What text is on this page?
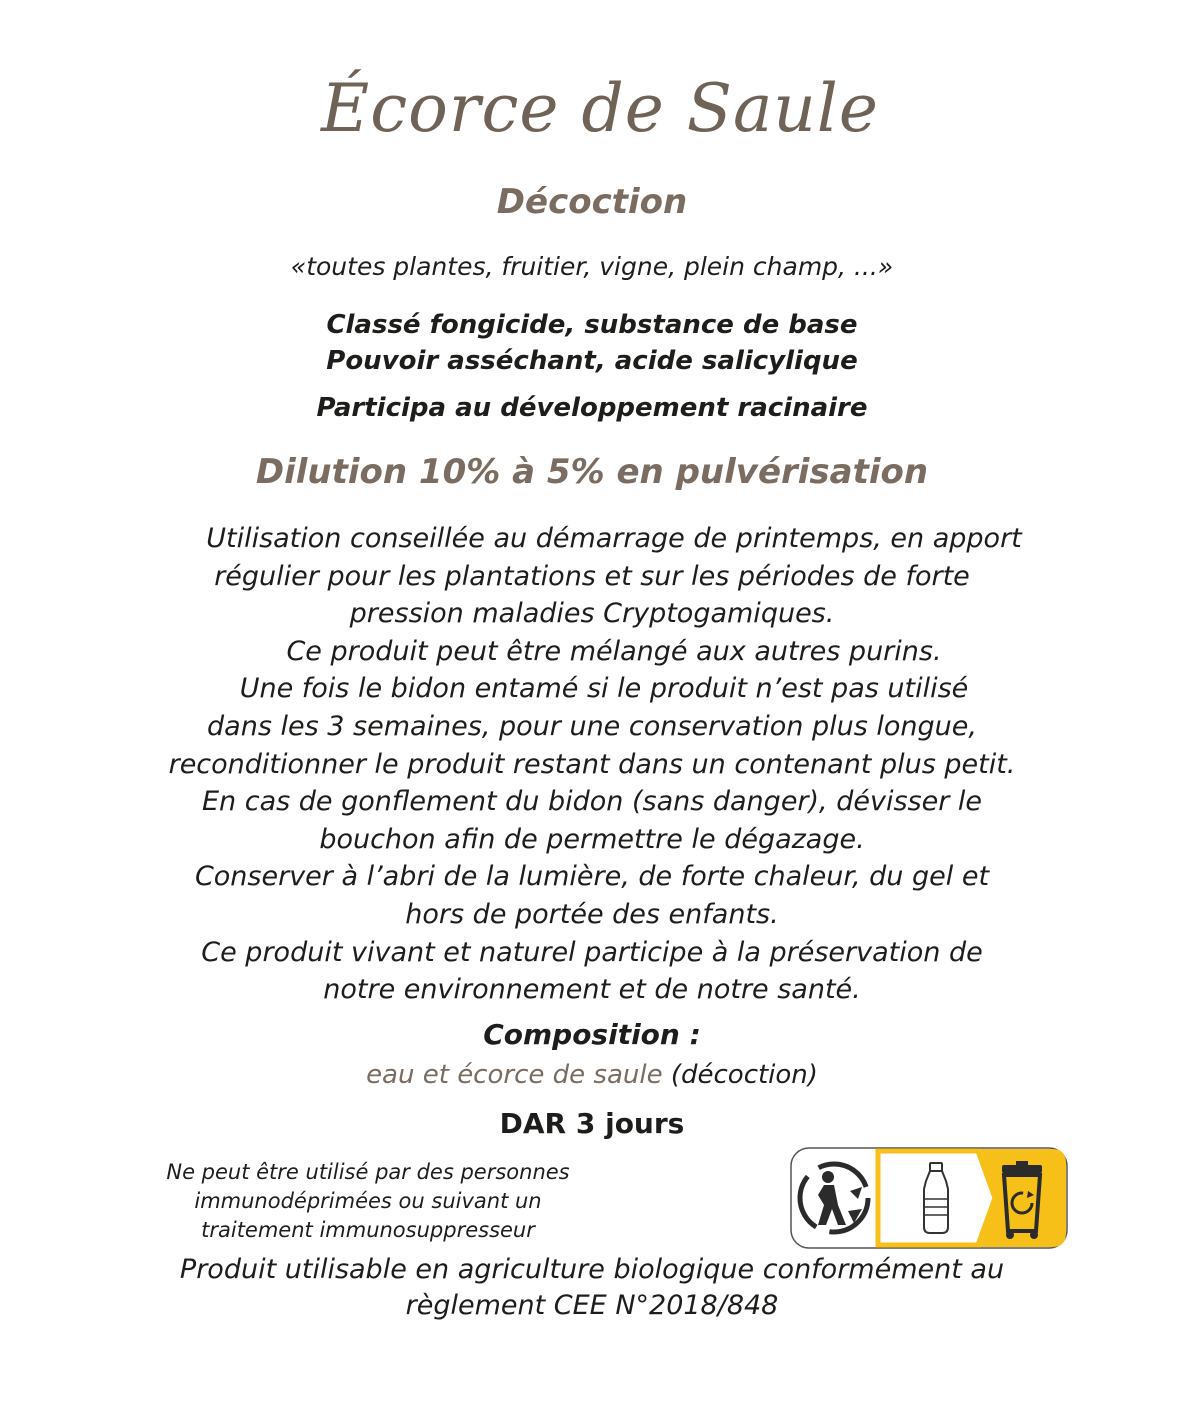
Écorce de Saule
Décoction
«toutes plantes, fruitier, vigne, plein champ, ...»
Classé fongicide, substance de base
Pouvoir asséchant, acide salicylique
Participa au développement racinaire
Dilution 10% à 5% en pulvérisation
Utilisation conseillée au démarrage de printemps, en apport
régulier pour les plantations et sur les périodes de forte
pression maladies Cryptogamiques.
Ce produit peut être mélangé aux autres purins.
Une fois le bidon entamé si le produit n’est pas utilisé
dans les 3 semaines, pour une conservation plus longue,
reconditionner le produit restant dans un contenant plus petit.
En cas de gonflement du bidon (sans danger), dévisser le
bouchon afin de permettre le dégazage.
Conserver à l’abri de la lumière, de forte chaleur, du gel et
hors de portée des enfants.
Ce produit vivant et naturel participe à la préservation de
notre environnement et de notre santé.
Composition :
eau et écorce de saule (décoction)
DAR 3 jours
Ne peut être utilisé par des personnes
immunodéprimées ou suivant un
traitement immunosuppresseur
Produit utilisable en agriculture biologique conformément au
règlement CEE N°2018/848
